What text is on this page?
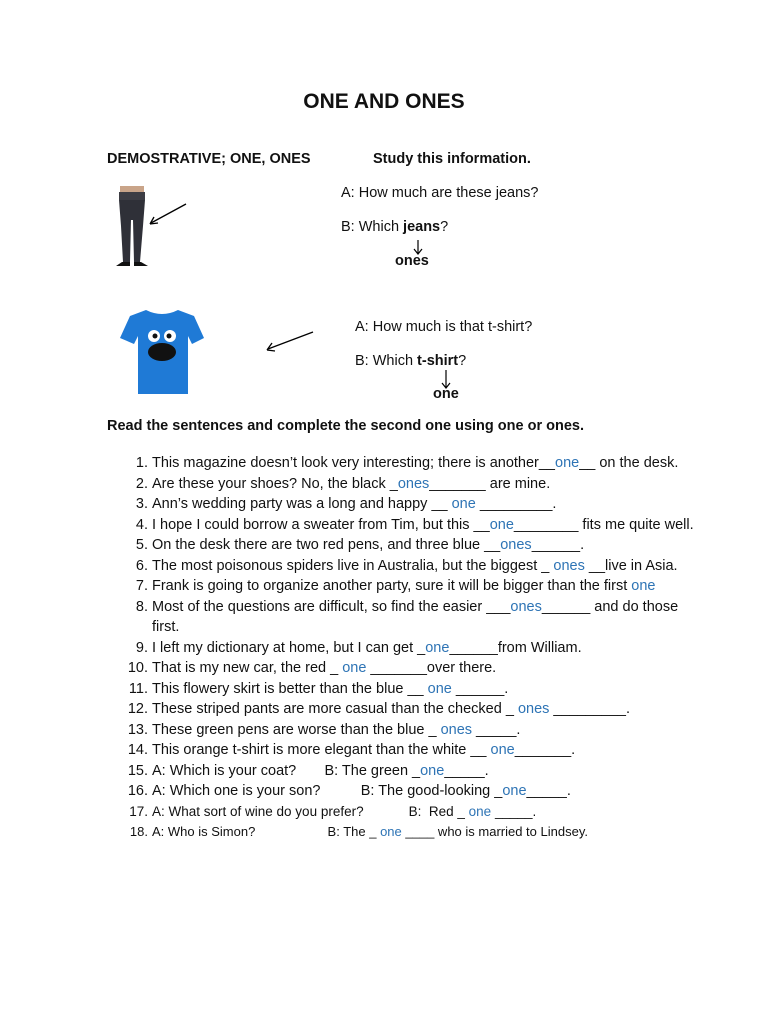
ONE AND ONES
DEMOSTRATIVE; ONE, ONES	Study this information.
A: How much are these jeans?
B: Which jeans?
ones
A: How much is that t-shirt?
B: Which t-shirt?
one
Read the sentences and complete the second one using one or ones.
1. This magazine doesn’t look very interesting; there is another__one__ on the desk.
2. Are these your shoes? No, the black _ones_______ are mine.
3. Ann’s wedding party was a long and happy __ one _________.
4. I hope I could borrow a sweater from Tim, but this __one________ fits me quite well.
5. On the desk there are two red pens, and three blue __ones______.
6. The most poisonous spiders live in Australia, but the biggest _ ones __live in Asia.
7. Frank is going to organize another party, sure it will be bigger than the first one
8. Most of the questions are difficult, so find the easier ___ones______ and do those first.
9. I left my dictionary at home, but I can get _one______from William.
10. That is my new car, the red _ one _______over there.
11. This flowery skirt is better than the blue __ one ______.
12. These striped pants are more casual than the checked _ ones _________.
13. These green pens are worse than the blue _ ones _____.
14. This orange t-shirt is more elegant than the white __ one_______.
15. A: Which is your coat?       B: The green _one_____.
16. A: Which one is your son?          B: The good-looking _one_____.
17. A: What sort of wine do you prefer?            B:  Red _ one _____.
18. A: Who is Simon?                    B: The _ one ____ who is married to Lindsey.
